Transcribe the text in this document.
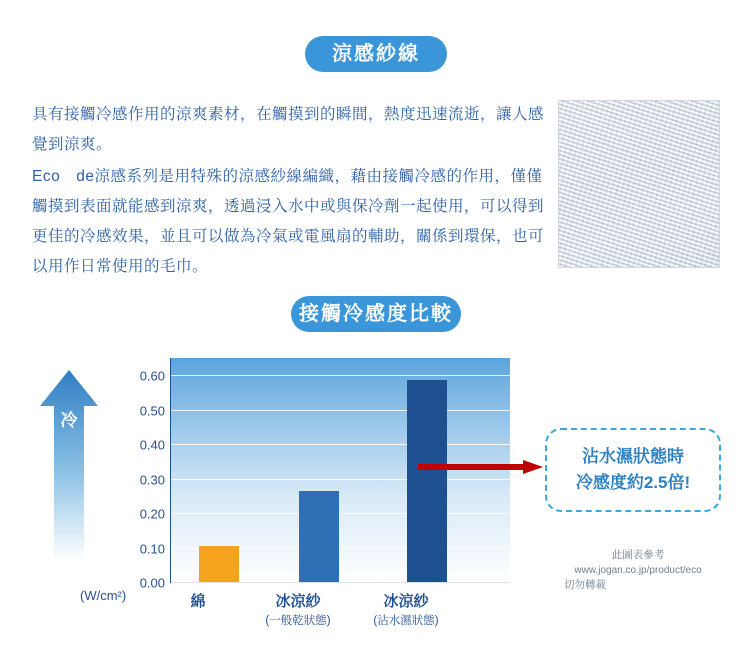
涼感紗線

具有接觸冷感作用的涼爽素材，在觸摸到的瞬間，熱度迅速流逝，讓人感覺到涼爽。

Eco　de涼感系列是用特殊的涼感紗線編織，藉由接觸冷感的作用，僅僅觸摸到表面就能感到涼爽，透過浸入水中或與保冷劑一起使用，可以得到更佳的冷感效果，並且可以做為冷氣或電風扇的輔助，關係到環保，也可以用作日常使用的毛巾。

接觸冷感度比較
冷
0.00
0.10
0.20
0.30
0.40
0.50
0.60
綿	冰涼紗
(一般乾狀態)
冰涼紗
(沾水濕狀態)
(W/cm²)
沾水濕狀態時
冷感度約2.5倍!
此圖表參考
www.jogan.co.jp/product/eco
切勿轉載
